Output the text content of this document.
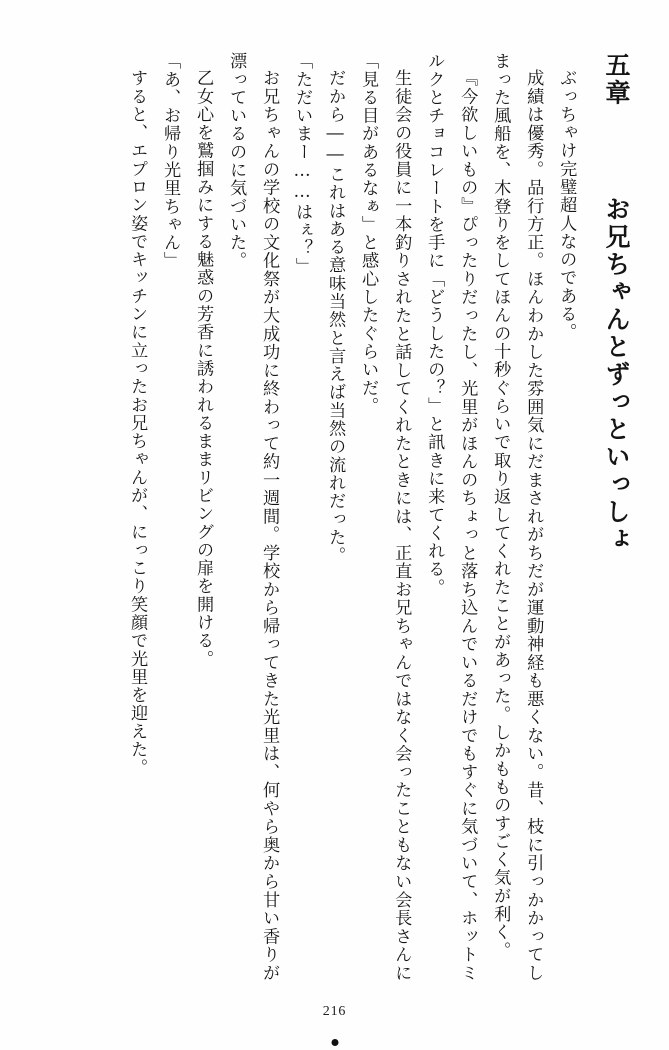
五章  お兄ちゃんとずっといっしょ
ぶっちゃけ完璧超人なのである。
成績は優秀。品行方正。ほんわかした雰囲気にだまされがちだが運動神経も悪くない。昔、枝に引っかかってしまった風船を、木登りをしてほんの十秒ぐらいで取り返してくれたことがあった。しかもものすごく気が利く。
『今欲しいもの』ぴったりだったし、光里がほんのちょっと落ち込んでいるだけでもすぐに気づいて、ホットミルクとチョコレートを手に「どうしたの？」と訊きに来てくれる。
生徒会の役員に一本釣りされたと話してくれたときには、正直お兄ちゃんではなく会ったこともない会長さんに「見る目があるなぁ」と感心したぐらいだ。
だから――これはある意味当然と言えば当然の流れだった。
「ただいまー……はぇ？」
お兄ちゃんの学校の文化祭が大成功に終わって約一週間。学校から帰ってきた光里は、何やら奥から甘い香りが漂っているのに気づいた。
乙女心を鷲掴みにする魅惑の芳香に誘われるままリビングの扉を開ける。
「あ、お帰り光里ちゃん」
すると、エプロン姿でキッチンに立ったお兄ちゃんが、にっこり笑顔で光里を迎えた。
216
